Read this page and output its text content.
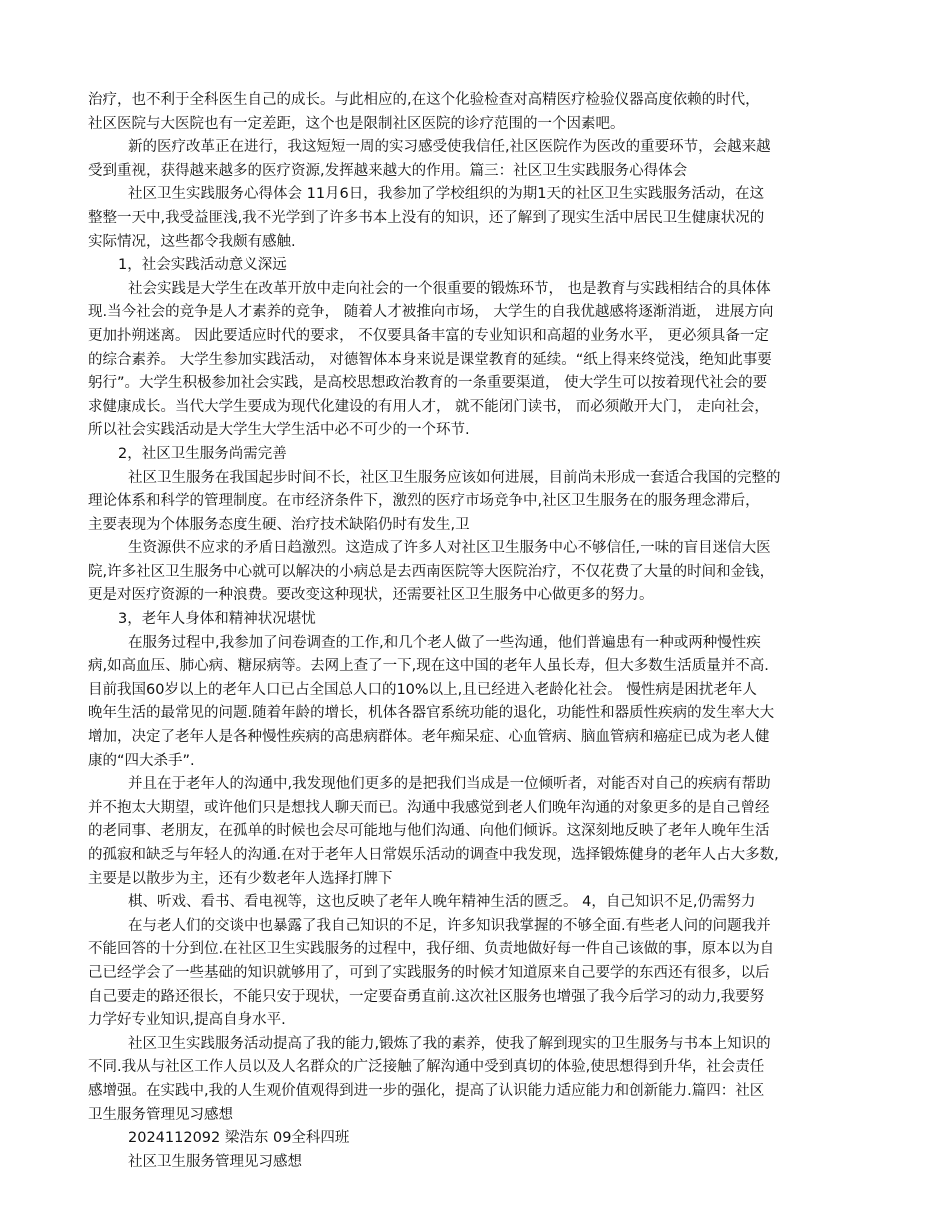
治疗，也不利于全科医生自己的成长。与此相应的,在这个化验检查对高精医疗检验仪器高度依赖的时代，
社区医院与大医院也有一定差距，这个也是限制社区医院的诊疗范围的一个因素吧。
新的医疗改革正在进行，我这短短一周的实习感受使我信任,社区医院作为医改的重要环节，会越来越
受到重视，获得越来越多的医疗资源,发挥越来越大的作用。篇三：社区卫生实践服务心得体会
社区卫生实践服务心得体会 11月6日，我参加了学校组织的为期1天的社区卫生实践服务活动，在这
整整一天中,我受益匪浅,我不光学到了许多书本上没有的知识，还了解到了现实生活中居民卫生健康状况的
实际情况，这些都令我颇有感触.
1，社会实践活动意义深远
社会实践是大学生在改革开放中走向社会的一个很重要的锻炼环节， 也是教育与实践相结合的具体体
现.当今社会的竞争是人才素养的竞争， 随着人才被推向市场， 大学生的自我优越感将逐渐消逝， 进展方向
更加扑朔迷离。 因此要适应时代的要求， 不仅要具备丰富的专业知识和高超的业务水平， 更必须具备一定
的综合素养。 大学生参加实践活动， 对德智体本身来说是课堂教育的延续。“纸上得来终觉浅，绝知此事要
躬行”。大学生积极参加社会实践，是高校思想政治教育的一条重要渠道， 使大学生可以按着现代社会的要
求健康成长。当代大学生要成为现代化建设的有用人才， 就不能闭门读书， 而必须敞开大门， 走向社会，
所以社会实践活动是大学生大学生活中必不可少的一个环节.
2，社区卫生服务尚需完善
社区卫生服务在我国起步时间不长，社区卫生服务应该如何进展，目前尚未形成一套适合我国的完整的
理论体系和科学的管理制度。在市经济条件下，激烈的医疗市场竞争中,社区卫生服务在的服务理念滞后，
主要表现为个体服务态度生硬、治疗技术缺陷仍时有发生,卫
生资源供不应求的矛盾日趋激烈。这造成了许多人对社区卫生服务中心不够信任,一味的盲目迷信大医
院,许多社区卫生服务中心就可以解决的小病总是去西南医院等大医院治疗，不仅花费了大量的时间和金钱，
更是对医疗资源的一种浪费。要改变这种现状，还需要社区卫生服务中心做更多的努力。
3，老年人身体和精神状况堪忧
在服务过程中,我参加了问卷调查的工作,和几个老人做了一些沟通，他们普遍患有一种或两种慢性疾
病,如高血压、肺心病、糖尿病等。去网上查了一下,现在这中国的老年人虽长寿，但大多数生活质量并不高.
目前我国60岁以上的老年人口已占全国总人口的10%以上,且已经进入老龄化社会。 慢性病是困扰老年人
晚年生活的最常见的问题.随着年龄的增长，机体各器官系统功能的退化，功能性和器质性疾病的发生率大大
增加，决定了老年人是各种慢性疾病的高患病群体。老年痴呆症、心血管病、脑血管病和癌症已成为老人健
康的“四大杀手”.
并且在于老年人的沟通中,我发现他们更多的是把我们当成是一位倾听者，对能否对自己的疾病有帮助
并不抱太大期望，或许他们只是想找人聊天而已。沟通中我感觉到老人们晚年沟通的对象更多的是自己曾经
的老同事、老朋友，在孤单的时候也会尽可能地与他们沟通、向他们倾诉。这深刻地反映了老年人晚年生活
的孤寂和缺乏与年轻人的沟通.在对于老年人日常娱乐活动的调查中我发现，选择锻炼健身的老年人占大多数,
主要是以散步为主，还有少数老年人选择打牌下
棋、听戏、看书、看电视等，这也反映了老年人晚年精神生活的匮乏。 4，自己知识不足,仍需努力
在与老人们的交谈中也暴露了我自己知识的不足，许多知识我掌握的不够全面.有些老人问的问题我并
不能回答的十分到位.在社区卫生实践服务的过程中，我仔细、负责地做好每一件自己该做的事，原本以为自
己已经学会了一些基础的知识就够用了，可到了实践服务的时候才知道原来自己要学的东西还有很多，以后
自己要走的路还很长，不能只安于现状，一定要奋勇直前.这次社区服务也增强了我今后学习的动力,我要努
力学好专业知识,提高自身水平.
社区卫生实践服务活动提高了我的能力,锻炼了我的素养，使我了解到现实的卫生服务与书本上知识的
不同.我从与社区工作人员以及人名群众的广泛接触了解沟通中受到真切的体验,使思想得到升华，社会责任
感增强。在实践中,我的人生观价值观得到进一步的强化，提高了认识能力适应能力和创新能力.篇四：社区
卫生服务管理见习感想
2024112092 梁浩东 09全科四班
社区卫生服务管理见习感想
